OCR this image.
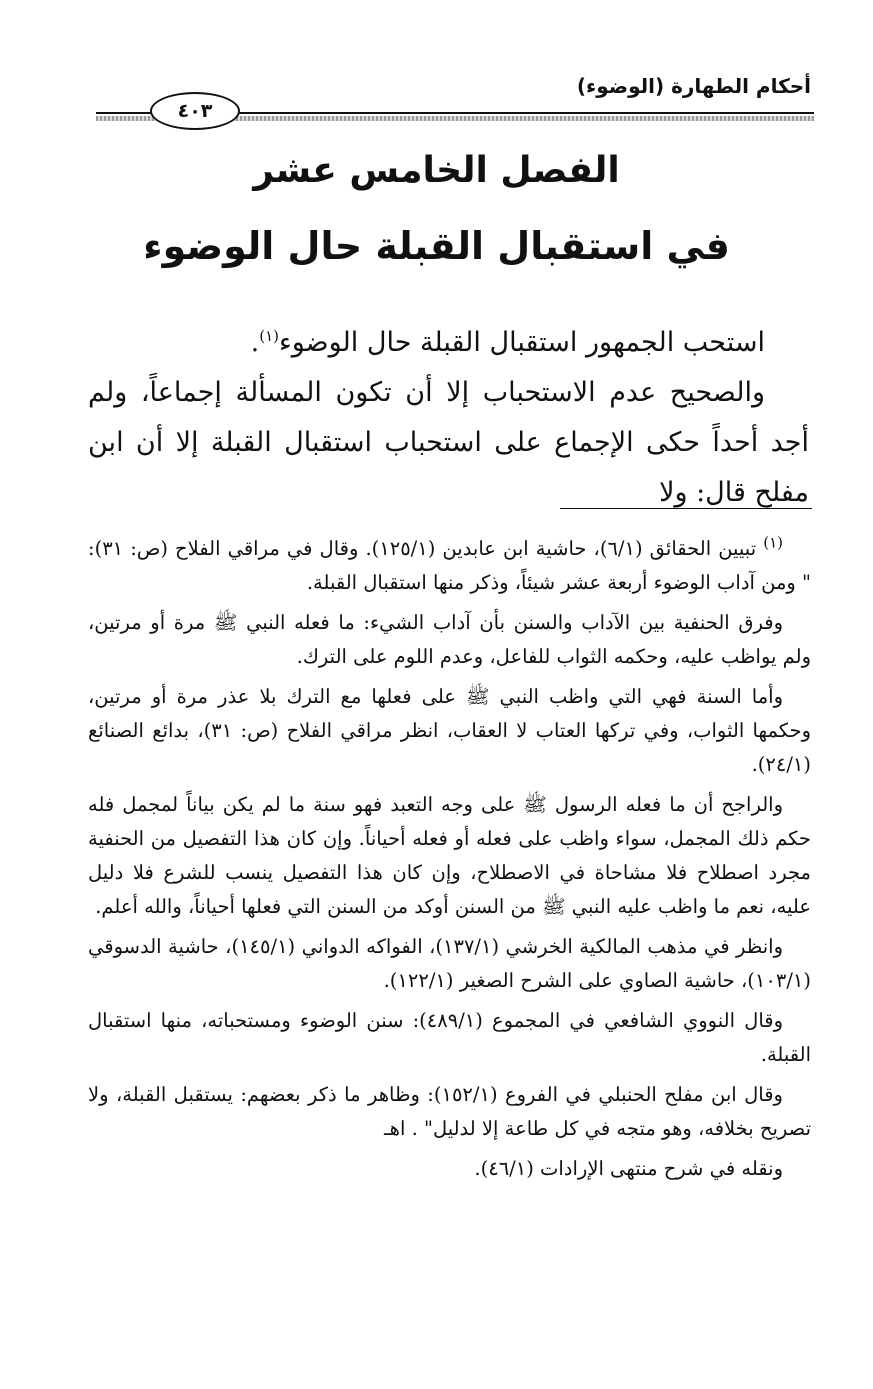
أحكام الطهارة (الوضوء)
٤٠٣
الفصل الخامس عشر
في استقبال القبلة حال الوضوء

استحب الجمهور استقبال القبلة حال الوضوء$^{(١)}$.

والصحيح عدم الاستحباب إلا أن تكون المسألة إجماعاً، ولم أجد أحداً حكى الإجماع على استحباب استقبال القبلة إلا أن ابن مفلح قال: ولا

$^{(١)}$ تبيين الحقائق (٦/١)، حاشية ابن عابدين (١٢٥/١). وقال في مراقي الفلاح (ص: ٣١): " ومن آداب الوضوء أربعة عشر شيئاً، وذكر منها استقبال القبلة.

وفرق الحنفية بين الآداب والسنن بأن آداب الشيء: ما فعله النبي ﷺ مرة أو مرتين، ولم يواظب عليه، وحكمه الثواب للفاعل، وعدم اللوم على الترك.

وأما السنة فهي التي واظب النبي ﷺ على فعلها مع الترك بلا عذر مرة أو مرتين، وحكمها الثواب، وفي تركها العتاب لا العقاب، انظر مراقي الفلاح (ص: ٣١)، بدائع الصنائع (٢٤/١).

والراجح أن ما فعله الرسول ﷺ على وجه التعبد فهو سنة ما لم يكن بياناً لمجمل فله حكم ذلك المجمل، سواء واظب على فعله أو فعله أحياناً. وإن كان هذا التفصيل من الحنفية مجرد اصطلاح فلا مشاحاة في الاصطلاح، وإن كان هذا التفصيل ينسب للشرع فلا دليل عليه، نعم ما واظب عليه النبي ﷺ من السنن أوكد من السنن التي فعلها أحياناً، والله أعلم.

وانظر في مذهب المالكية الخرشي (١٣٧/١)، الفواكه الدواني (١٤٥/١)، حاشية الدسوقي (١٠٣/١)، حاشية الصاوي على الشرح الصغير (١٢٢/١).

وقال النووي الشافعي في المجموع (٤٨٩/١): سنن الوضوء ومستحباته، منها استقبال القبلة.

وقال ابن مفلح الحنبلي في الفروع (١٥٢/١): وظاهر ما ذكر بعضهم: يستقبل القبلة، ولا تصريح بخلافه، وهو متجه في كل طاعة إلا لدليل" . اهـ

ونقله في شرح منتهى الإرادات (٤٦/١).
